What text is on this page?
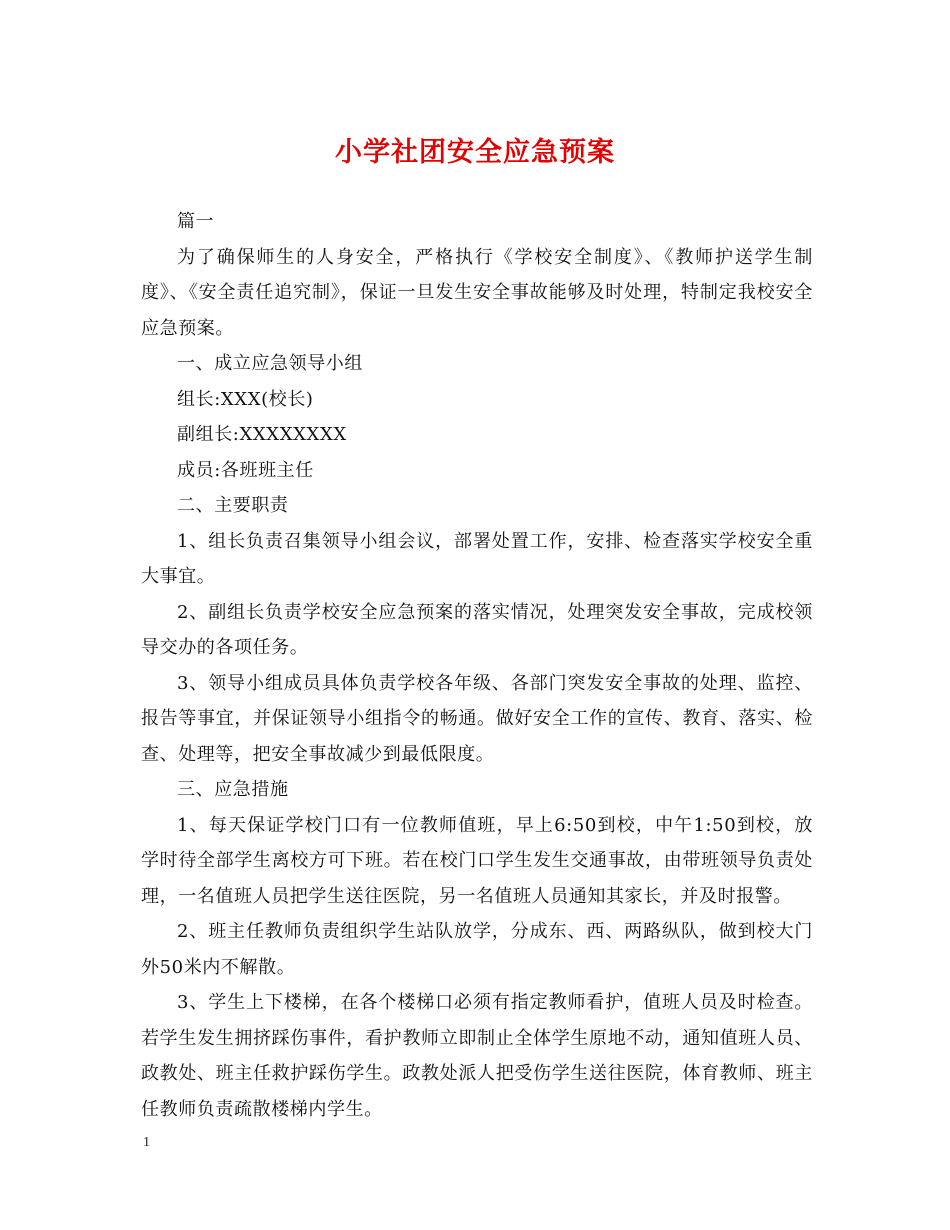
小学社团安全应急预案

篇一

为了确保师生的人身安全，严格执行《学校安全制度》、《教师护送学生制度》、《安全责任追究制》，保证一旦发生安全事故能够及时处理，特制定我校安全应急预案。

一、成立应急领导小组

组长:XXX(校长)

副组长:XXXXXXXX

成员:各班班主任

二、主要职责

1、组长负责召集领导小组会议，部署处置工作，安排、检查落实学校安全重大事宜。

2、副组长负责学校安全应急预案的落实情况，处理突发安全事故，完成校领导交办的各项任务。

3、领导小组成员具体负责学校各年级、各部门突发安全事故的处理、监控、报告等事宜，并保证领导小组指令的畅通。做好安全工作的宣传、教育、落实、检查、处理等，把安全事故减少到最低限度。

三、应急措施

1、每天保证学校门口有一位教师值班，早上6:50到校，中午1:50到校，放学时待全部学生离校方可下班。若在校门口学生发生交通事故，由带班领导负责处理，一名值班人员把学生送往医院，另一名值班人员通知其家长，并及时报警。

2、班主任教师负责组织学生站队放学，分成东、西、两路纵队，做到校大门外50米内不解散。

3、学生上下楼梯，在各个楼梯口必须有指定教师看护，值班人员及时检查。若学生发生拥挤踩伤事件，看护教师立即制止全体学生原地不动，通知值班人员、政教处、班主任救护踩伤学生。政教处派人把受伤学生送往医院，体育教师、班主任教师负责疏散楼梯内学生。

1
